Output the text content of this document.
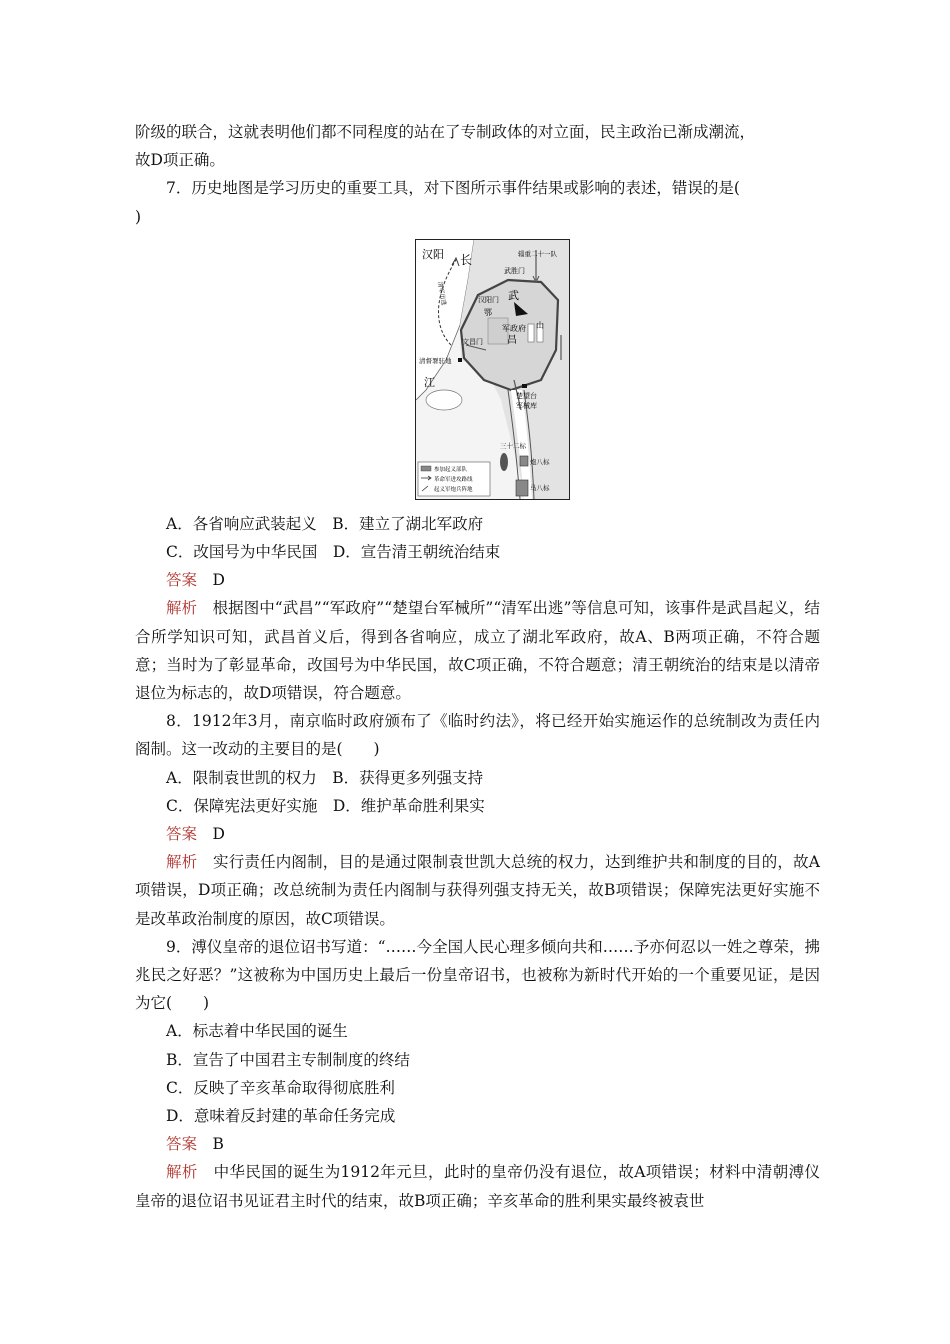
阶级的联合，这就表明他们都不同程度的站在了专制政体的对立面，民主政治已渐成潮流，
故D项正确。

7．历史地图是学习历史的重要工具，对下图所示事件结果或影响的表述，错误的是(
)

汉阳 长	辎重二十一队
武胜门
武
汉阳门
鄂
山
军政府
昌
文昌门
清督署驻地
江
楚望台
军械库
三十二标
炮八标
马八标
清军出逃
参加起义部队
革命军进攻路线
起义军炮兵阵地

A．各省响应武装起义　B．建立了湖北军政府

C．改国号为中华民国　D．宣告清王朝统治结束

答案　D

解析　根据图中“武昌”“军政府”“楚望台军械所”“清军出逃”等信息可知，该事件是武昌起义，结合所学知识可知，武昌首义后，得到各省响应，成立了湖北军政府，故A、B两项正确，不符合题意；当时为了彰显革命，改国号为中华民国，故C项正确，不符合题意；清王朝统治的结束是以清帝退位为标志的，故D项错误，符合题意。

8．1912年3月，南京临时政府颁布了《临时约法》，将已经开始实施运作的总统制改为责任内阁制。这一改动的主要目的是(　　)

A．限制袁世凯的权力　B．获得更多列强支持

C．保障宪法更好实施　D．维护革命胜利果实

答案　D

解析　实行责任内阁制，目的是通过限制袁世凯大总统的权力，达到维护共和制度的目的，故A项错误，D项正确；改总统制为责任内阁制与获得列强支持无关，故B项错误；保障宪法更好实施不是改革政治制度的原因，故C项错误。

9．溥仪皇帝的退位诏书写道：“……今全国人民心理多倾向共和……予亦何忍以一姓之尊荣，拂兆民之好恶？”这被称为中国历史上最后一份皇帝诏书，也被称为新时代开始的一个重要见证，是因为它(　　)

A．标志着中华民国的诞生

B．宣告了中国君主专制制度的终结

C．反映了辛亥革命取得彻底胜利

D．意味着反封建的革命任务完成

答案　B

解析　中华民国的诞生为1912年元旦，此时的皇帝仍没有退位，故A项错误；材料中清朝溥仪皇帝的退位诏书见证君主时代的结束，故B项正确；辛亥革命的胜利果实最终被袁世
